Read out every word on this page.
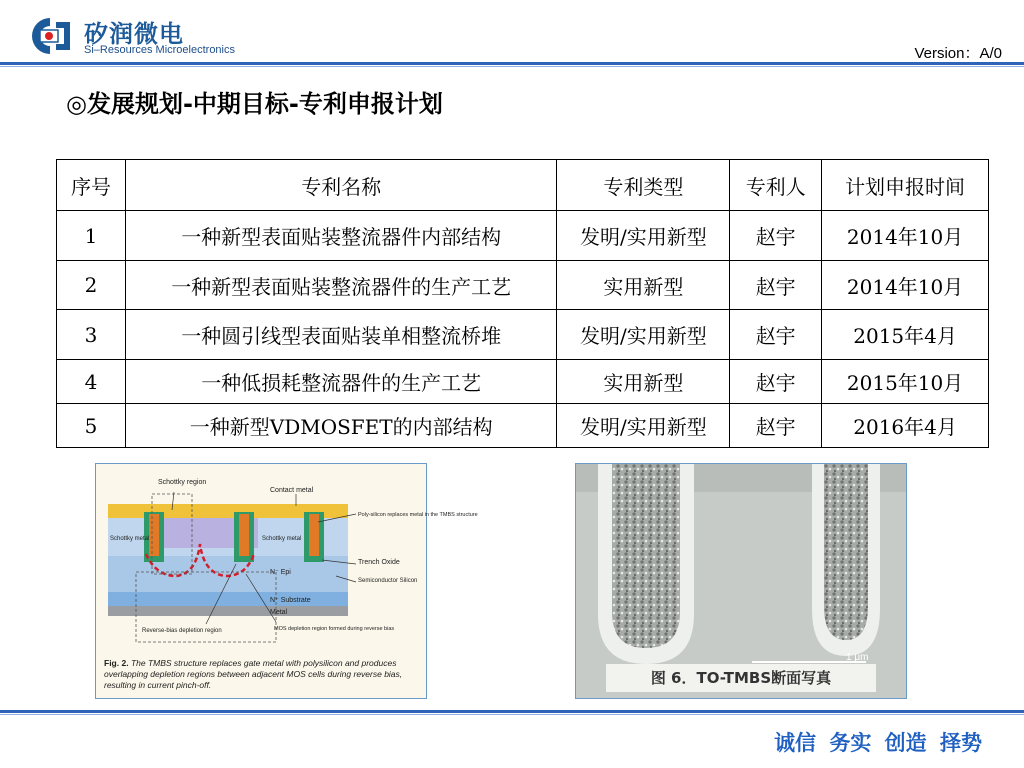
矽润微电
Si–Resources Microelectronics	Version：A/0
◎发展规划-中期目标-专利申报计划
序号	专利名称	专利类型	专利人	计划申报时间
1	一种新型表面贴装整流器件内部结构	发明/实用新型	赵宇	2014年10月
2	一种新型表面贴装整流器件的生产工艺	实用新型	赵宇	2014年10月
3	一种圆引线型表面贴装单相整流桥堆	发明/实用新型	赵宇	2015年4月
4	一种低损耗整流器件的生产工艺	实用新型	赵宇	2015年10月
5	一种新型VDMOSFET的内部结构	发明/实用新型	赵宇	2016年4月
Schottky region
Contact metal
Poly-silicon replaces metal in the TMBS structure
Schottky metal	Schottky metal
Trench Oxide
Semiconductor Silicon
N⁻ Epi
N⁺ Substrate
Metal
Reverse-bias depletion region	MOS depletion region formed during reverse bias
Fig. 2. The TMBS structure replaces gate metal with polysilicon and produces overlapping depletion regions between adjacent MOS cells during reverse bias, resulting in current pinch-off.
1 μm
图 6．TO-TMBS断面写真
诚信 务实 创造 择势
